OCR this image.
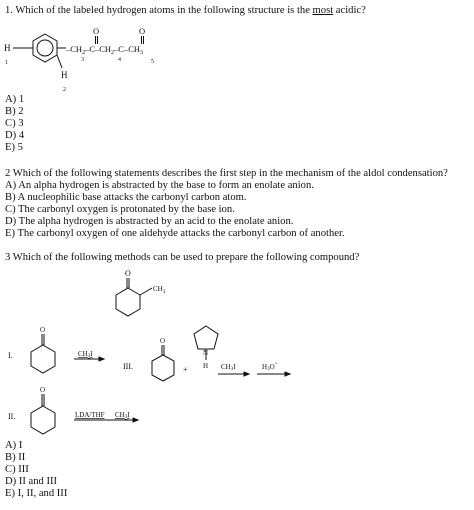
1. Which of the labeled hydrogen atoms in the following structure is the most acidic?
H
1
H
2
O	O
$-CH_2-C-CH_2-C-CH_3$
3	4	5
O
$CH_3$
I.
O
CH3I
III.
O
+
N
H CH3I	H3O+
II.
O
LDA/THF CH3I
A) 1
B) 2
C) 3
D) 4
E) 5
2 Which of the following statements describes the first step in the mechanism of the aldol condensation?
A) An alpha hydrogen is abstracted by the base to form an enolate anion.
B) A nucleophilic base attacks the carbonyl carbon atom.
C) The carbonyl oxygen is protonated by the base ion.
D) The alpha hydrogen is abstracted by an acid to the enolate anion.
E) The carbonyl oxygen of one aldehyde attacks the carbonyl carbon of another.
3 Which of the following methods can be used to prepare the following compound?
A) I
B) II
C) III
D) II and III
E) I, II, and III
